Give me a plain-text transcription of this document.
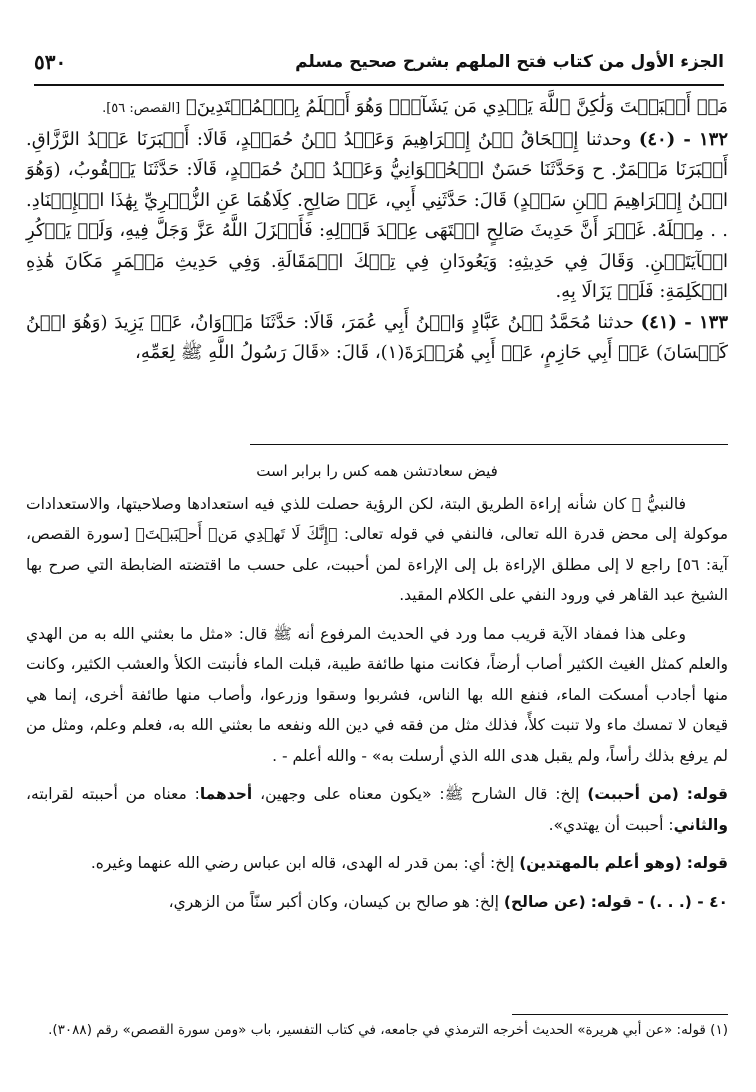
الجزء الأول من كتاب فتح الملهم بشرح صحيح مسلم
٥٣٠

مَنۡ أَحۡبَبۡتَ وَلَٰكِنَّ ٱللَّهَ يَهۡدِي مَن يَشَآءُۚ وَهُوَ أَعۡلَمُ بِٱلۡمُهۡتَدِينَ﴾ [القصص: ٥٦].

١٣٢ - (٤٠) وحدثنا إِسۡحَاقُ بۡنُ إِبۡرَاهِيمَ وَعَبۡدُ بۡنُ حُمَيۡدٍ، قَالَا: أَخۡبَرَنَا عَبۡدُ الرَّزَّاقِ. أَخۡبَرَنَا مَعۡمَرٌ. ح وَحَدَّثَنَا حَسَنٌ الۡحُلۡوَانِيُّ وَعَبۡدُ بۡنُ حُمَيۡدٍ، قَالَا: حَدَّثَنَا يَعۡقُوبُ، (وَهُوَ ابۡنُ إِبۡرَاهِيمَ بۡنِ سَعۡدٍ) قَالَ: حَدَّثَنِي أَبِي، عَنۡ صَالِحٍ. كِلَاهُمَا عَنِ الزُّهۡرِيِّ بِهَٰذَا الۡإِسۡنَادِ. . . مِثۡلَهُ. غَيۡرَ أَنَّ حَدِيثَ صَالِحٍ انۡتَهَى عِنۡدَ قَوۡلِهِ: فَأَنۡزَلَ اللَّهُ عَزَّ وَجَلَّ فِيهِ، وَلَمۡ يَذۡكُرِ الۡآيَتَيۡنِ. وَقَالَ فِي حَدِيثِهِ: وَيَعُودَانِ فِي تِلۡكَ الۡمَقَالَةِ. وَفِي حَدِيثِ مَعۡمَرٍ مَكَانَ هَٰذِهِ الۡكَلِمَةِ: فَلَمۡ يَزَالَا بِهِ.

١٣٣ - (٤١) حدثنا مُحَمَّدُ بۡنُ عَبَّادٍ وَابۡنُ أَبِي عُمَرَ، قَالَا: حَدَّثَنَا مَرۡوَانُ، عَنۡ يَزِيدَ (وَهُوَ ابۡنُ كَيۡسَانَ) عَنۡ أَبِي حَازِمٍ، عَنۡ أَبِي هُرَيۡرَةَ(١)، قَالَ: «قَالَ رَسُولُ اللَّهِ ﷺ لِعَمِّهِ،

فيض سعادتشن همه كس را برابر است

فالنبيُّ ﷺ كان شأنه إراءة الطريق البتة، لكن الرؤية حصلت للذي فيه استعدادها وصلاحيتها، والاستعدادات موكولة إلى محض قدرة الله تعالى، فالنفي في قوله تعالى: ﴿إِنَّكَ لَا تَهۡدِي مَنۡ أَحۡبَبۡتَ﴾ [سورة القصص، آية: ٥٦] راجع لا إلى مطلق الإراءة بل إلى الإراءة لمن أحببت، على حسب ما اقتضته الضابطة التي صرح بها الشيخ عبد القاهر في ورود النفي على الكلام المقيد.

وعلى هذا فمفاد الآية قريب مما ورد في الحديث المرفوع أنه ﷺ قال: «مثل ما بعثني الله به من الهدي والعلم كمثل الغيث الكثير أصاب أرضاً، فكانت منها طائفة طيبة، قبلت الماء فأنبتت الكلأ والعشب الكثير، وكانت منها أجادب أمسكت الماء، فنفع الله بها الناس، فشربوا وسقوا وزرعوا، وأصاب منها طائفة أخرى، إنما هي قيعان لا تمسك ماء ولا تنبت كلأً، فذلك مثل من فقه في دين الله ونفعه ما بعثني الله به، فعلم وعلم، ومثل من لم يرفع بذلك رأساً، ولم يقبل هدى الله الذي أرسلت به» - والله أعلم - .

قوله: (من أحببت) إلخ: قال الشارح ﷺ: «يكون معناه على وجهين، أحدهما: معناه من أحببته لقرابته، والثاني: أحببت أن يهتدي».

قوله: (وهو أعلم بالمهتدين) إلخ: أي: بمن قدر له الهدى، قاله ابن عباس رضي الله عنهما وغيره.

٤٠ - (. . .) - قوله: (عن صالح) إلخ: هو صالح بن كيسان، وكان أكبر سنّاً من الزهري،

(١) قوله: «عن أبي هريرة» الحديث أخرجه الترمذي في جامعه، في كتاب التفسير، باب «ومن سورة القصص» رقم (٣٠٨٨).
